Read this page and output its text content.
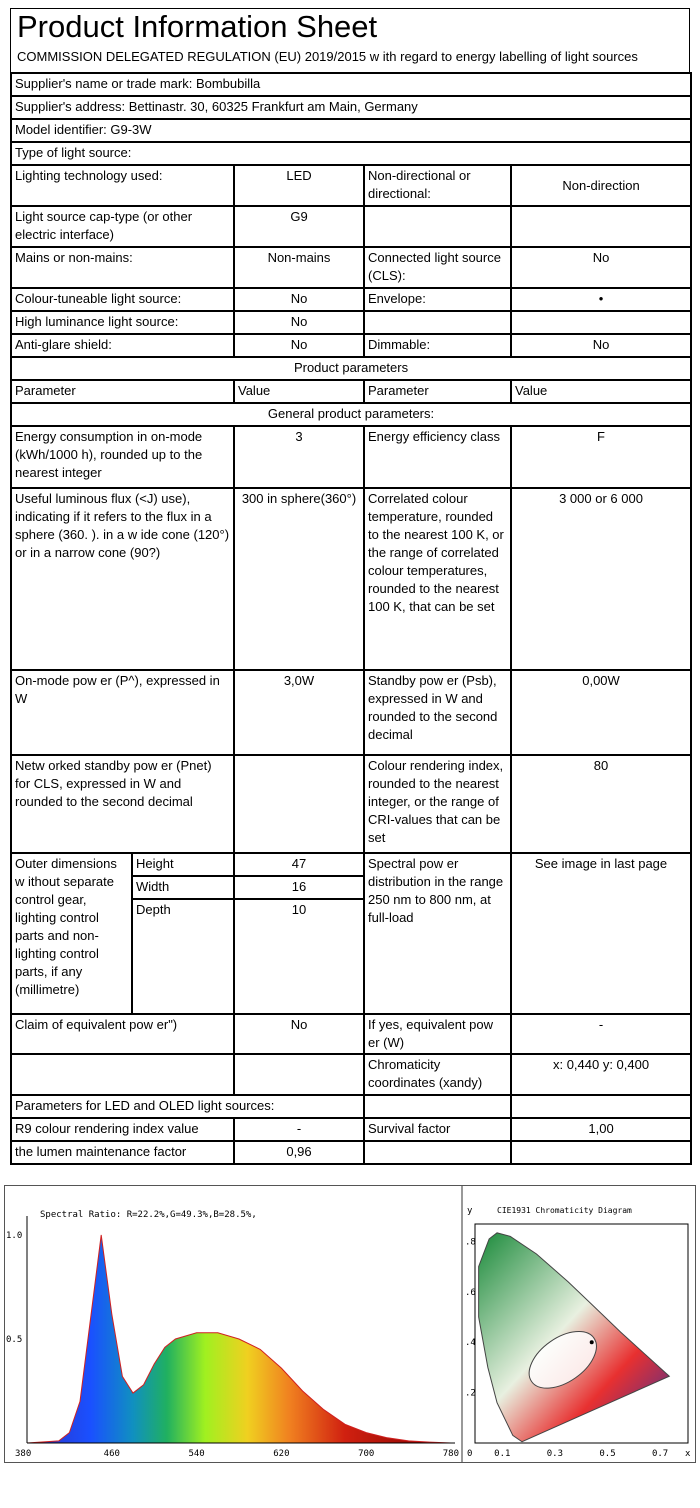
Product Information Sheet
COMMISSION DELEGATED REGULATION (EU) 2019/2015 w ith regard to energy labelling of light sources
Supplier's name or trade mark: Bombubilla				
Supplier's address: Bettinastr. 30, 60325 Frankfurt am Main, Germany				
Model identifier: G9-3W				
Type of light source:				
Lighting technology used:		LED	Non-directional or directional:	Non-direction
Light source cap-type (or other electric interface)		G9		
Mains or non-mains:		Non-mains	Connected light source (CLS):	No
Colour-tuneable light source:		No	Envelope:	•
High luminance light source:		No		
Anti-glare shield:		No	Dimmable:	No
Product parameters				
Parameter		Value	Parameter	Value
General product parameters:				
Energy consumption in on-mode (kWh/1000 h), rounded up to the nearest integer		3	Energy efficiency class	F
Useful luminous flux (<J) use), indicating if it refers to the flux in a sphere (360. ). in a w ide cone (120°) or in a narrow cone (90?)		300 in sphere(360°)	Correlated colour temperature, rounded to the nearest 100 K, or the range of correlated colour temperatures, rounded to the nearest 100 K, that can be set	3 000 or 6 000
On-mode pow er (P^), expressed in W		3,0W	Standby pow er (Psb), expressed in W and rounded to the second decimal	0,00W
Netw orked standby pow er (Pnet) for CLS, expressed in W and rounded to the second decimal			Colour rendering index, rounded to the nearest integer, or the range of CRI-values that can be set	80
Outer dimensions w ithout separate control gear, lighting control parts and non-lighting control parts, if any (millimetre)	Height	47	Spectral pow er distribution in the range 250 nm to 800 nm, at full-load	See image in last page
	Width	16		
	Depth	10		
Claim of equivalent pow er")		No	If yes, equivalent pow er (W)	-
			Chromaticity coordinates (xandy)	x: 0,440 y: 0,400
Parameters for LED and OLED light sources:				
R9 colour rendering index value		-	Survival factor	1,00
the lumen maintenance factor		0,96		
380	460	540	620	700	780
1.0
0.5
Spectral Ratio: R=22.2%,G=49.3%,B=28.5%,	CIE1931 Chromaticity Diagram
y
x
0 0.1	0.3	0.5	0.7
.8
.6
.4
.2
